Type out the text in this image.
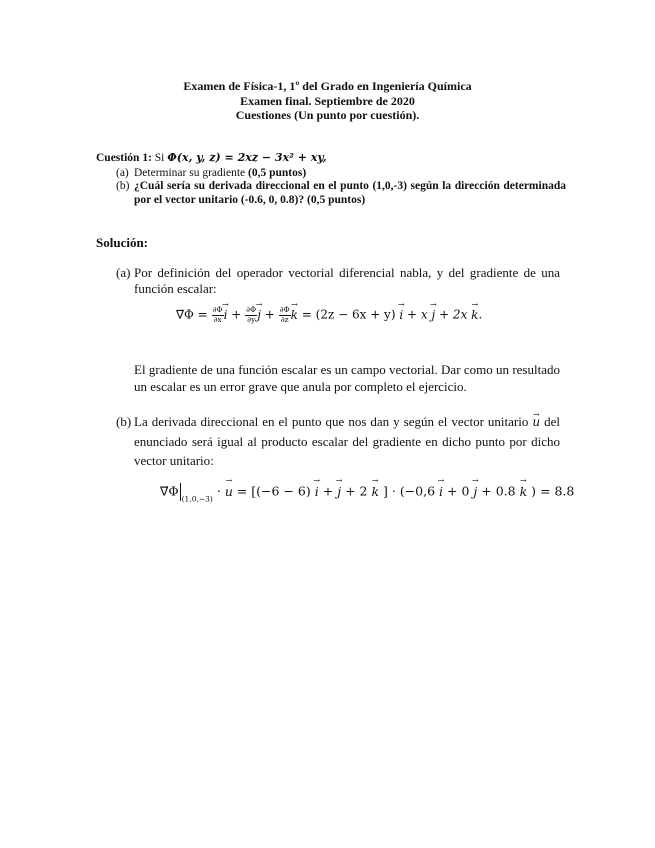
Examen de Física-1, 1º del Grado en Ingeniería Química
Examen final. Septiembre de 2020
Cuestiones (Un punto por cuestión).
Cuestión 1: Si Φ(x, y, z) = 2xz − 3x² + xy,
(a) Determinar su gradiente (0,5 puntos)
(b) ¿Cuál sería su derivada direccional en el punto (1,0,-3) según la dirección determinada por el vector unitario (-0.6, 0, 0.8)? (0,5 puntos)
Solución:
(a) Por definición del operador vectorial diferencial nabla, y del gradiente de una función escalar:
∇⃗Φ = $\frac{\partial\Phi}{\partial x}$
→ $i + \frac{\partial\Phi}{\partial y}$
→ $j + \frac{\partial\Phi}{\partial z}$
→ k = (2z − 6x + y) → i + x → j + 2x → k.
El gradiente de una función escalar es un campo vectorial. Dar como un resultado un escalar es un error grave que anula por completo el ejercicio.
(b) La derivada direccional en el punto que nos dan y según el vector unitario → u del enunciado será igual al producto escalar del gradiente en dicho punto por dicho vector unitario:
$\nabla⃗\Phi_{(1,0,-3)}$ · → u = [(−6 − 6) → i + → j + 2 → k ] · (−0,6 → i + 0 → j + 0.8 → k ) = 8.8
